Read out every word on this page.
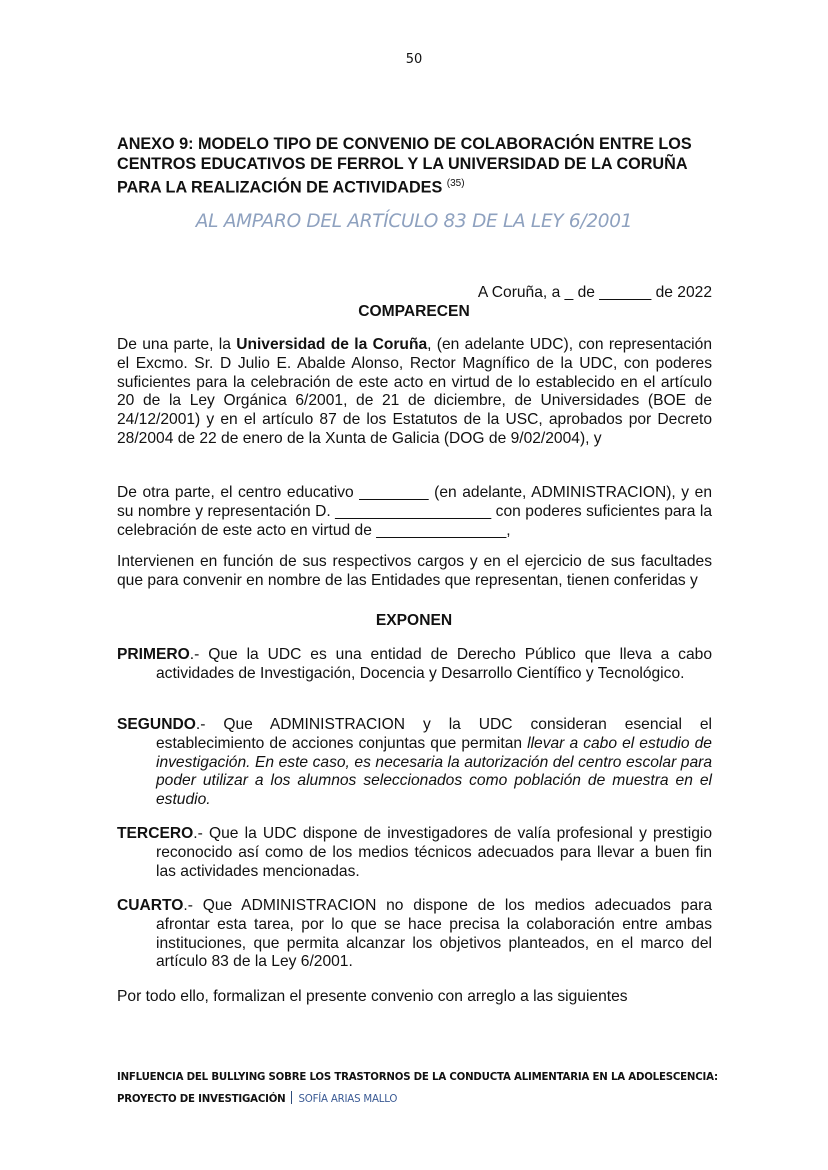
50
ANEXO 9: MODELO TIPO DE CONVENIO DE COLABORACIÓN ENTRE LOS CENTROS EDUCATIVOS DE FERROL Y LA UNIVERSIDAD DE LA CORUÑA PARA LA REALIZACIÓN DE ACTIVIDADES $^{(35)}$
AL AMPARO DEL ARTÍCULO 83 DE LA LEY 6/2001
A Coruña, a _ de ______ de 2022
COMPARECEN
De una parte, la Universidad de la Coruña, (en adelante UDC), con representación el Excmo. Sr. D Julio E. Abalde Alonso, Rector Magnífico de la UDC, con poderes suficientes para la celebración de este acto en virtud de lo establecido en el artículo 20 de la Ley Orgánica 6/2001, de 21 de diciembre, de Universidades (BOE de 24/12/2001) y en el artículo 87 de los Estatutos de la USC, aprobados por Decreto 28/2004 de 22 de enero de la Xunta de Galicia (DOG de 9/02/2004), y
De otra parte, el centro educativo ________ (en adelante, ADMINISTRACION), y en su nombre y representación D. __________________ con poderes suficientes para la celebración de este acto en virtud de _______________,
Intervienen en función de sus respectivos cargos y en el ejercicio de sus facultades que para convenir en nombre de las Entidades que representan, tienen conferidas y
EXPONEN
PRIMERO.- Que la UDC es una entidad de Derecho Público que lleva a cabo actividades de Investigación, Docencia y Desarrollo Científico y Tecnológico.
SEGUNDO.- Que ADMINISTRACION y la UDC consideran esencial el establecimiento de acciones conjuntas que permitan llevar a cabo el estudio de investigación. En este caso, es necesaria la autorización del centro escolar para poder utilizar a los alumnos seleccionados como población de muestra en el estudio.
TERCERO.- Que la UDC dispone de investigadores de valía profesional y prestigio reconocido así como de los medios técnicos adecuados para llevar a buen fin las actividades mencionadas.
CUARTO.- Que ADMINISTRACION no dispone de los medios adecuados para afrontar esta tarea, por lo que se hace precisa la colaboración entre ambas instituciones, que permita alcanzar los objetivos planteados, en el marco del artículo 83 de la Ley 6/2001.
Por todo ello, formalizan el presente convenio con arreglo a las siguientes
INFLUENCIA DEL BULLYING SOBRE LOS TRASTORNOS DE LA CONDUCTA ALIMENTARIA EN LA ADOLESCENCIA:
PROYECTO DE INVESTIGACIÓN SOFÍA ARIAS MALLO
